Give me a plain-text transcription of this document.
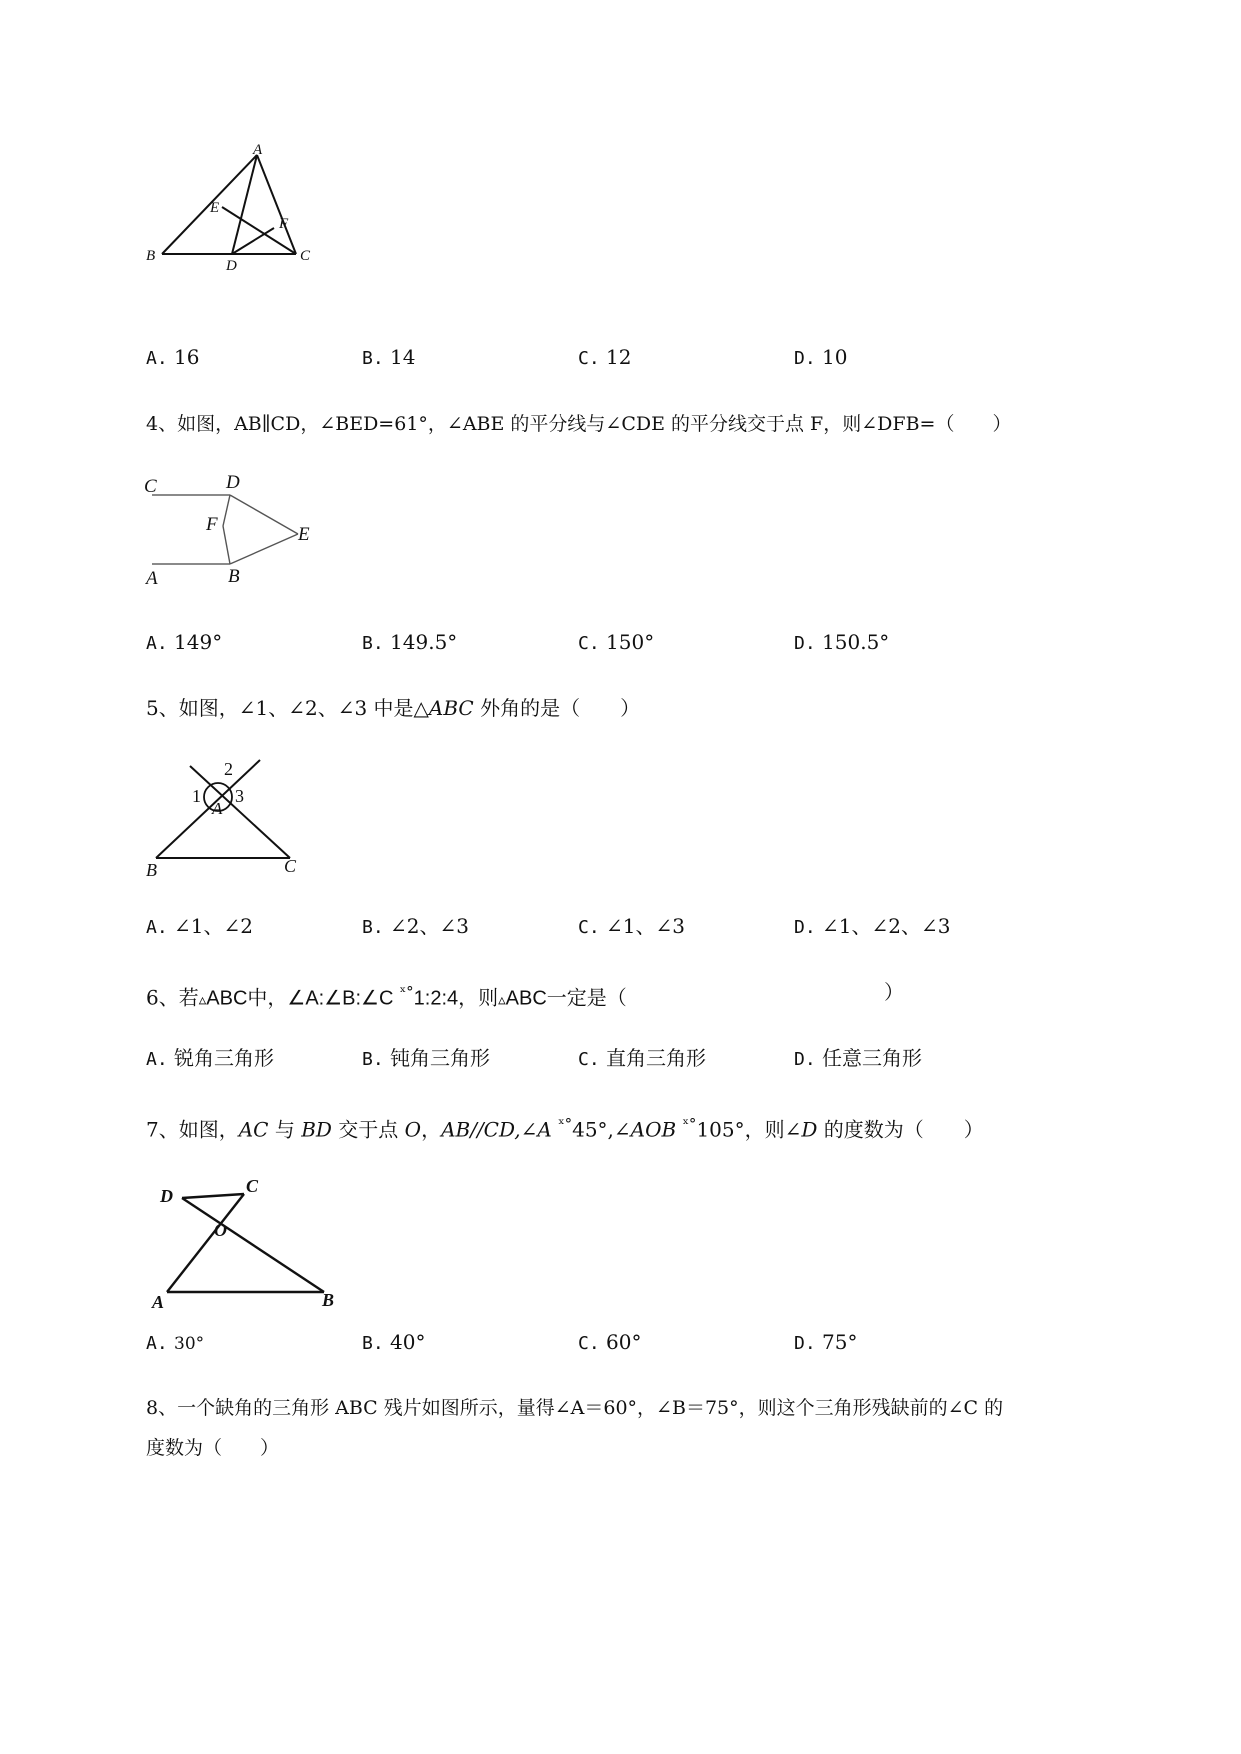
A
B	C
D
E
F
A. 16	B. 14	C. 12	D. 10
4、如图，AB∥CD，∠BED=61°，∠ABE 的平分线与∠CDE 的平分线交于点 F，则∠DFB=（　　）
C	D
F	E
A	B
A. 149°	B. 149.5°	C. 150°	D. 150.5°
5、如图，∠1、∠2、∠3 中是△ABC 外角的是（　　）
2
1 3
A
B	C
A. ∠1、∠2	B. ∠2、∠3	C. ∠1、∠3	D. ∠1、∠2、∠3
6、若▵ABC中，∠A:∠B:∠C $^{ˣ^\circ}$1:2:4，则▵ABC一定是（	）
A. 锐角三角形	B. 钝角三角形	C. 直角三角形	D. 任意三角形
7、如图，AC 与 BD 交于点 O，AB//CD,∠A $^{ˣ^\circ}$45°,∠AOB $^{ˣ^\circ}$105°，则∠D 的度数为（　　）
D	C
O
A	B
A. 30°	B. 40°	C. 60°	D. 75°
8、一个缺角的三角形 ABC 残片如图所示，量得∠A＝60°，∠B＝75°，则这个三角形残缺前的∠C 的
度数为（　　）
